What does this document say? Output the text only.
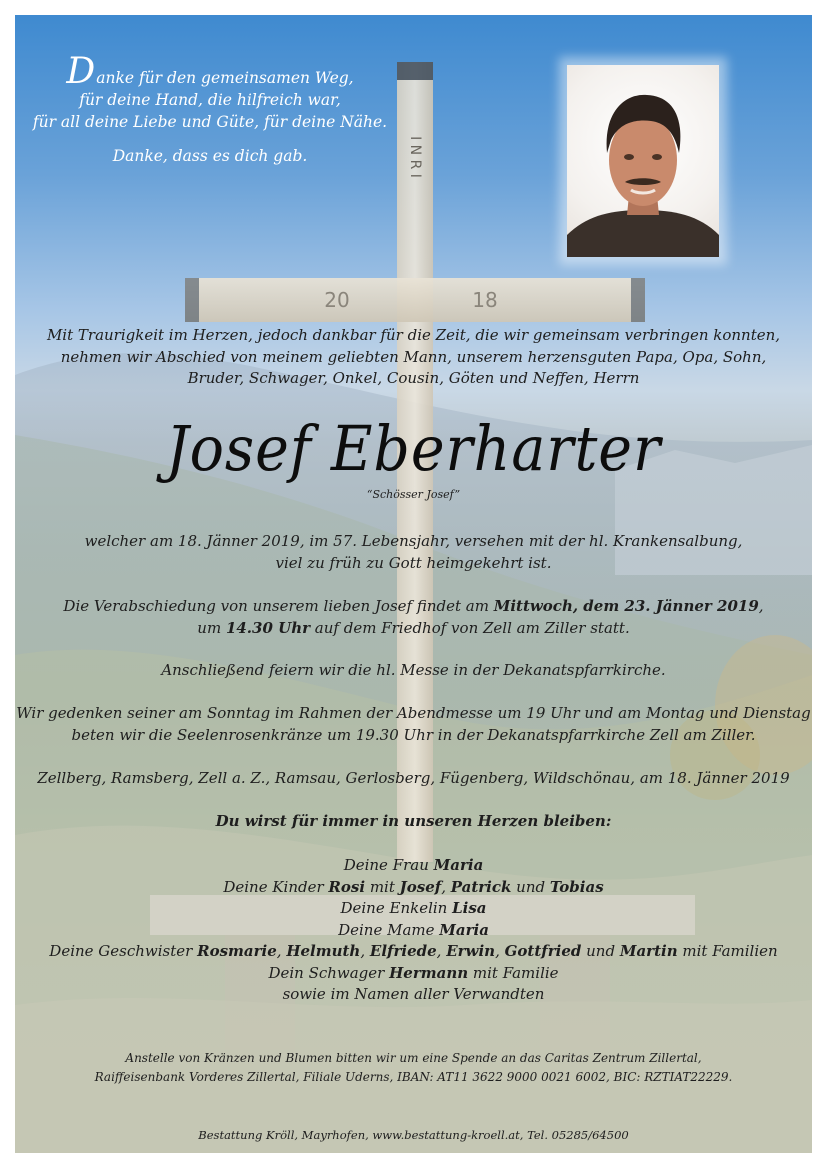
I N R I
20	18
Danke für den gemeinsamen Weg,
für deine Hand, die hilfreich war,
für all deine Liebe und Güte, für deine Nähe.
Danke, dass es dich gab.
Mit Traurigkeit im Herzen, jedoch dankbar für die Zeit, die wir gemeinsam verbringen konnten,
nehmen wir Abschied von meinem geliebten Mann, unserem herzensguten Papa, Opa, Sohn,
Bruder, Schwager, Onkel, Cousin, Göten und Neffen, Herrn
Josef Eberharter
“Schösser Josef”
welcher am 18. Jänner 2019, im 57. Lebensjahr, versehen mit der hl. Krankensalbung,
viel zu früh zu Gott heimgekehrt ist.
Die Verabschiedung von unserem lieben Josef findet am Mittwoch, dem 23. Jänner 2019,
um 14.30 Uhr auf dem Friedhof von Zell am Ziller statt.
Anschließend feiern wir die hl. Messe in der Dekanatspfarrkirche.
Wir gedenken seiner am Sonntag im Rahmen der Abendmesse um 19 Uhr und am Montag und Dienstag
beten wir die Seelenrosenkränze um 19.30 Uhr in der Dekanatspfarrkirche Zell am Ziller.
Zellberg, Ramsberg, Zell a. Z., Ramsau, Gerlosberg, Fügenberg, Wildschönau, am 18. Jänner 2019
Du wirst für immer in unseren Herzen bleiben:
Deine Frau Maria
Deine Kinder Rosi mit Josef, Patrick und Tobias
Deine Enkelin Lisa
Deine Mame Maria
Deine Geschwister Rosmarie, Helmuth, Elfriede, Erwin, Gottfried und Martin mit Familien
Dein Schwager Hermann mit Familie
sowie im Namen aller Verwandten
Anstelle von Kränzen und Blumen bitten wir um eine Spende an das Caritas Zentrum Zillertal,
Raiffeisenbank Vorderes Zillertal, Filiale Uderns, IBAN: AT11 3622 9000 0021 6002, BIC: RZTIAT22229.
Bestattung Kröll, Mayrhofen, www.bestattung-kroell.at, Tel. 05285/64500
